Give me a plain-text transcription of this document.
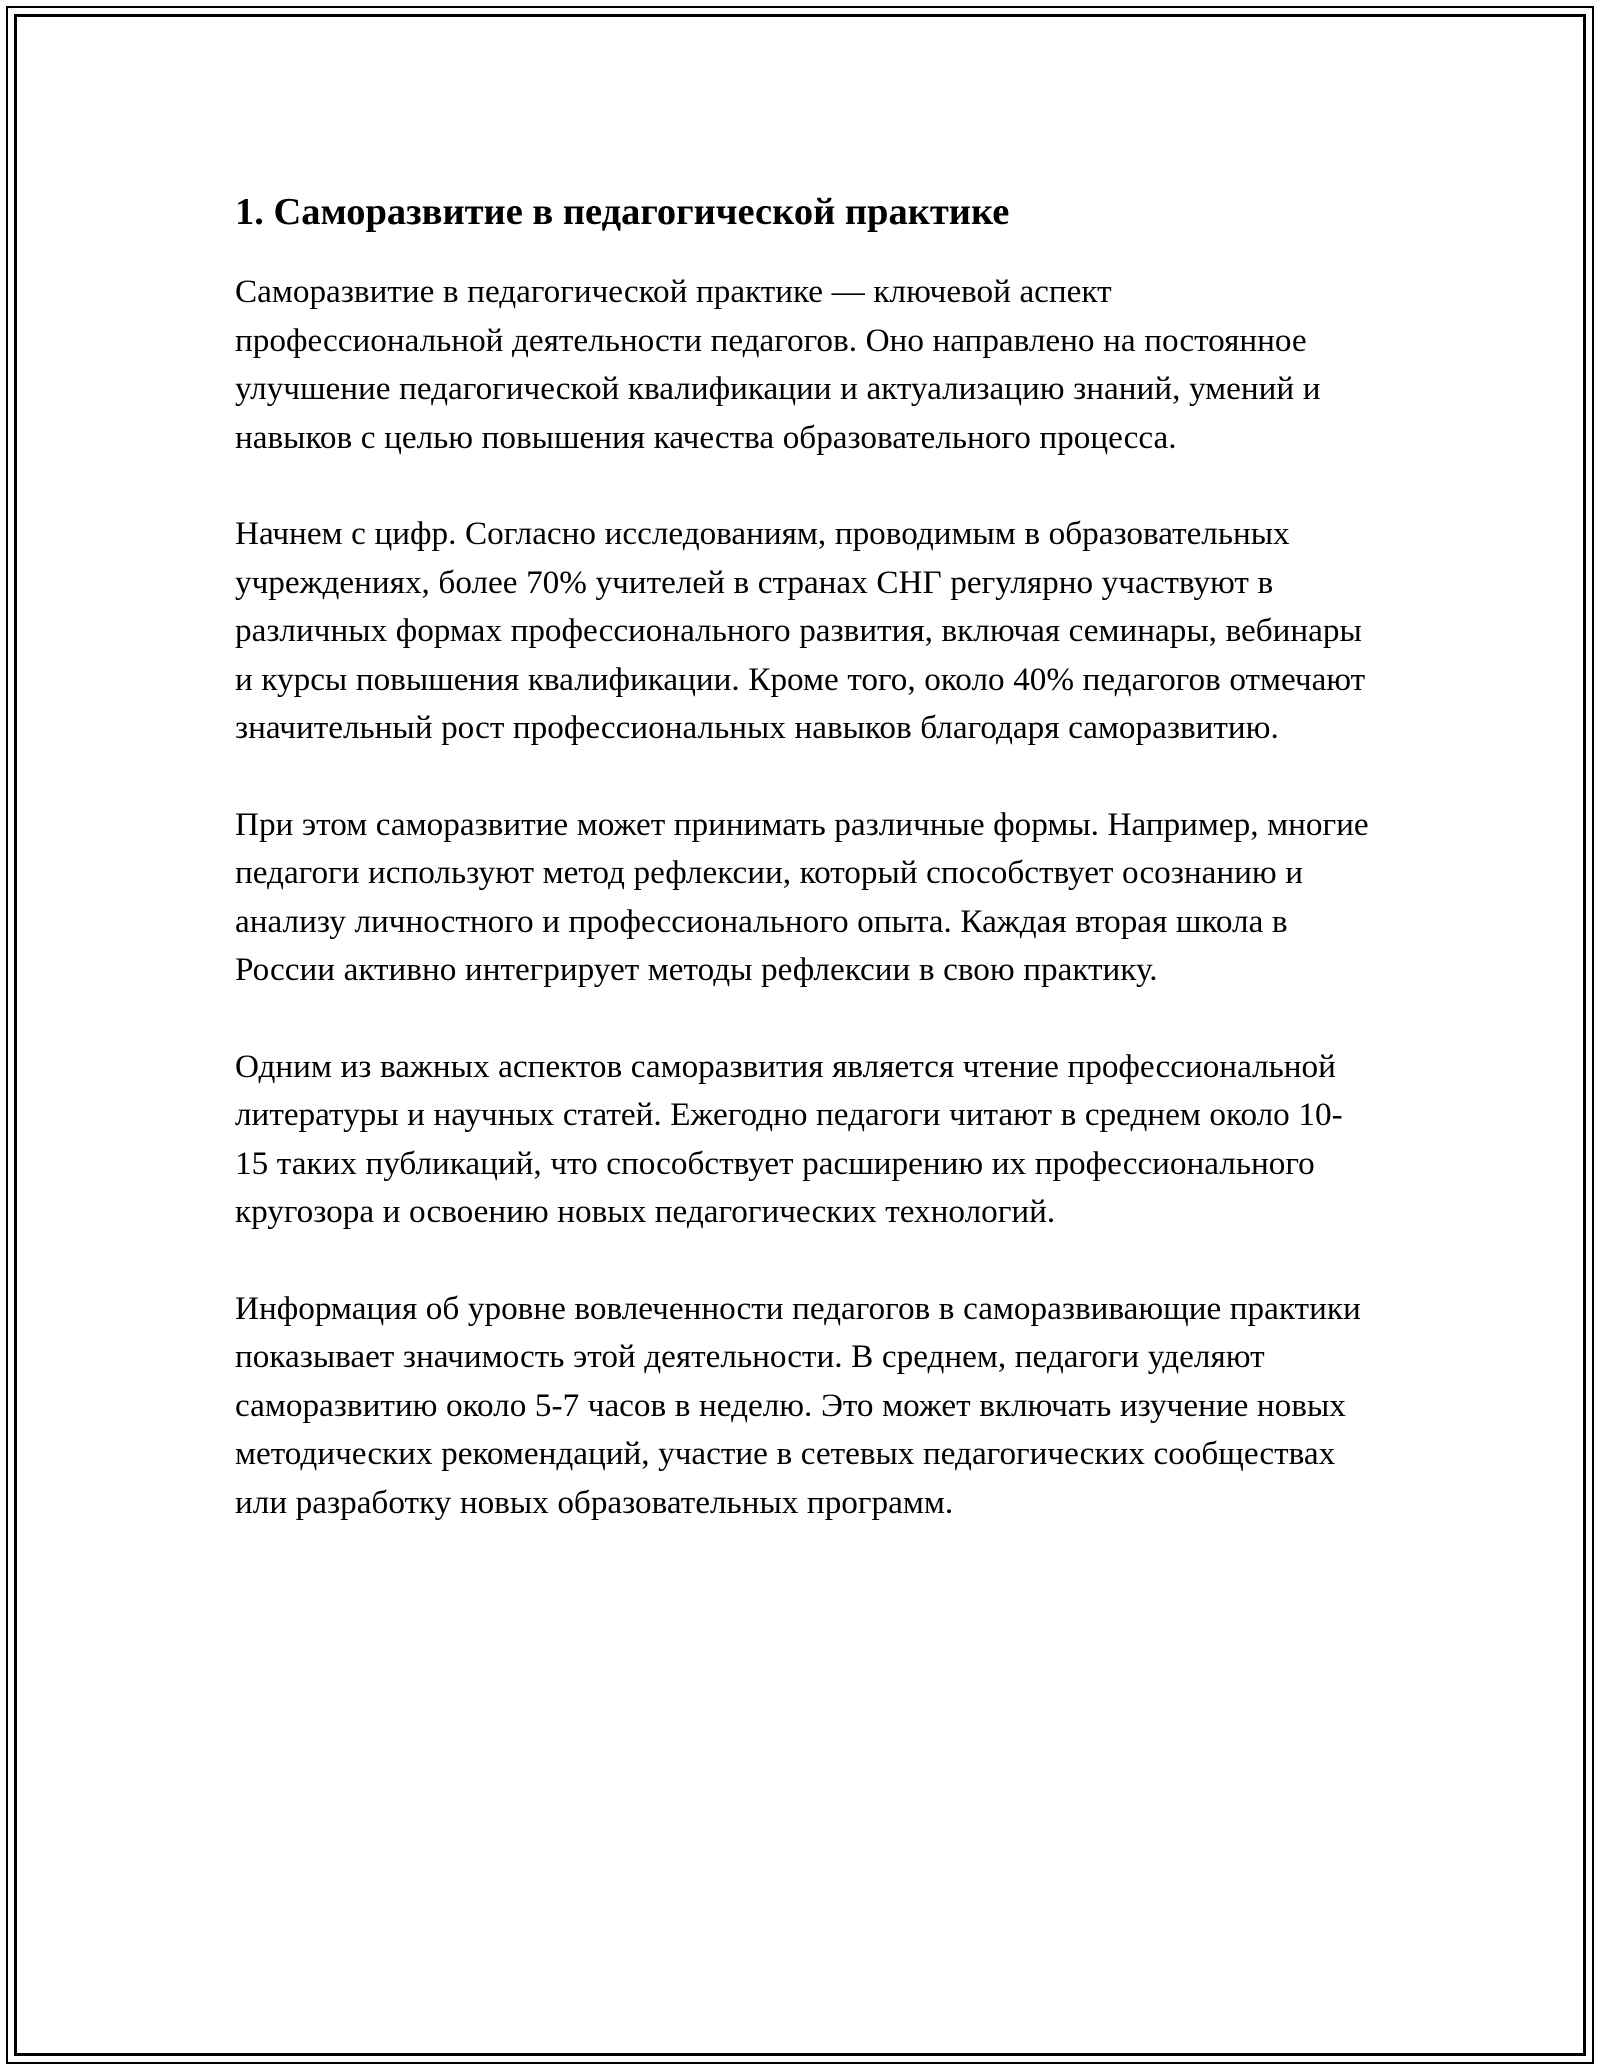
1. Саморазвитие в педагогической практике

Саморазвитие в педагогической практике — ключевой аспект профессиональной деятельности педагогов. Оно направлено на постоянное улучшение педагогической квалификации и актуализацию знаний, умений и навыков с целью повышения качества образовательного процесса.

Начнем с цифр. Согласно исследованиям, проводимым в образовательных учреждениях, более 70% учителей в странах СНГ регулярно участвуют в различных формах профессионального развития, включая семинары, вебинары и курсы повышения квалификации. Кроме того, около 40% педагогов отмечают значительный рост профессиональных навыков благодаря саморазвитию.

При этом саморазвитие может принимать различные формы. Например, многие педагоги используют метод рефлексии, который способствует осознанию и анализу личностного и профессионального опыта. Каждая вторая школа в России активно интегрирует методы рефлексии в свою практику.

Одним из важных аспектов саморазвития является чтение профессиональной литературы и научных статей. Ежегодно педагоги читают в среднем около 10-15 таких публикаций, что способствует расширению их профессионального кругозора и освоению новых педагогических технологий.

Информация об уровне вовлеченности педагогов в саморазвивающие практики показывает значимость этой деятельности. В среднем, педагоги уделяют саморазвитию около 5-7 часов в неделю. Это может включать изучение новых методических рекомендаций, участие в сетевых педагогических сообществах или разработку новых образовательных программ.
